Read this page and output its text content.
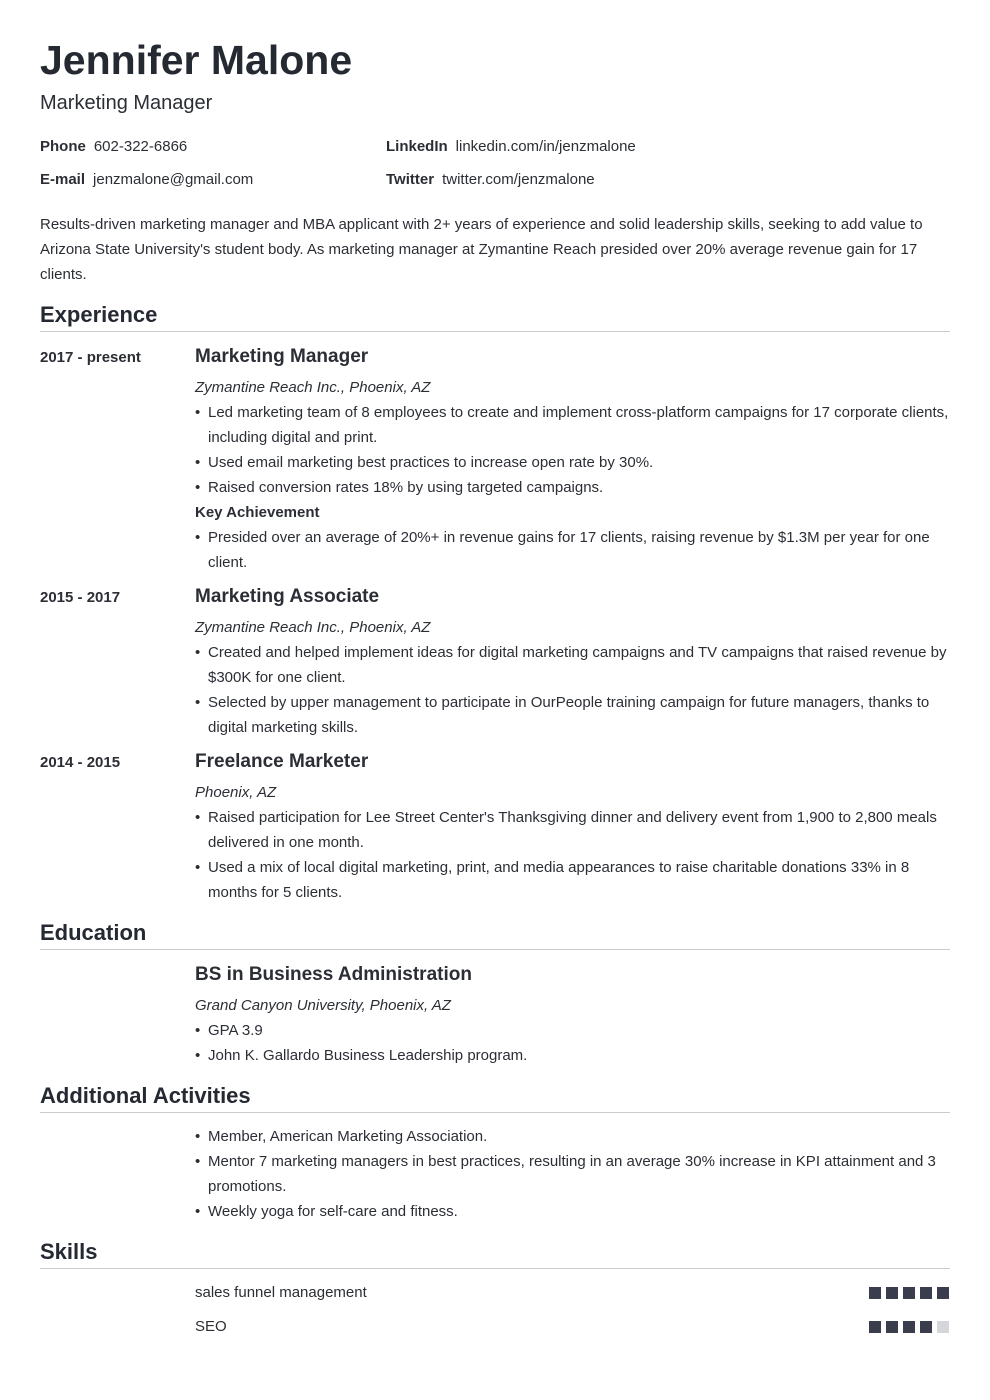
Jennifer Malone
Marketing Manager
Phone 602-322-6866	LinkedIn linkedin.com/in/jenzmalone
E-mail jenzmalone@gmail.com	Twitter twitter.com/jenzmalone
Results-driven marketing manager and MBA applicant with 2+ years of experience and solid leadership skills, seeking to add value to Arizona State University's student body. As marketing manager at Zymantine Reach presided over 20% average revenue gain for 17 clients.
Experience
2017 - present	Marketing Manager
Zymantine Reach Inc., Phoenix, AZ
• Led marketing team of 8 employees to create and implement cross-platform campaigns for 17 corporate clients, including digital and print.
• Used email marketing best practices to increase open rate by 30%.
• Raised conversion rates 18% by using targeted campaigns.
Key Achievement
• Presided over an average of 20%+ in revenue gains for 17 clients, raising revenue by $1.3M per year for one client.
2015 - 2017	Marketing Associate
Zymantine Reach Inc., Phoenix, AZ
• Created and helped implement ideas for digital marketing campaigns and TV campaigns that raised revenue by $300K for one client.
• Selected by upper management to participate in OurPeople training campaign for future managers, thanks to digital marketing skills.
2014 - 2015	Freelance Marketer
Phoenix, AZ
• Raised participation for Lee Street Center's Thanksgiving dinner and delivery event from 1,900 to 2,800 meals delivered in one month.
• Used a mix of local digital marketing, print, and media appearances to raise charitable donations 33% in 8 months for 5 clients.
Education
BS in Business Administration
Grand Canyon University, Phoenix, AZ
• GPA 3.9
• John K. Gallardo Business Leadership program.
Additional Activities
• Member, American Marketing Association.
• Mentor 7 marketing managers in best practices, resulting in an average 30% increase in KPI attainment and 3 promotions.
• Weekly yoga for self-care and fitness.
Skills
sales funnel management
SEO
